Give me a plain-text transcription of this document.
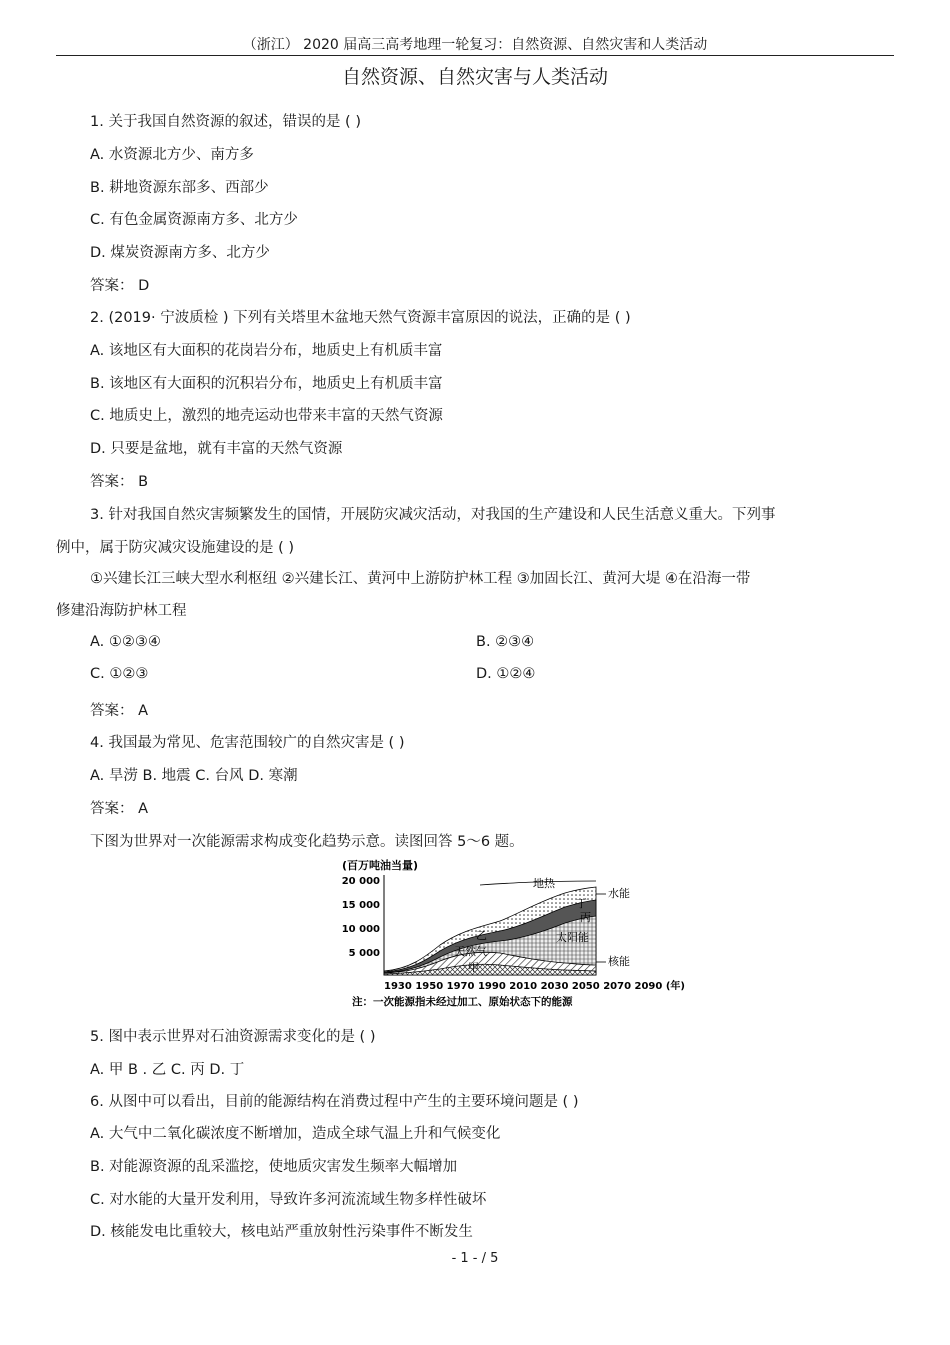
（浙江） 2020 届高三高考地理一轮复习：自然资源、自然灾害和人类活动
自然资源、自然灾害与人类活动
1. 关于我国自然资源的叙述，错误的是 ( )
A. 水资源北方少、南方多
B. 耕地资源东部多、西部少
C. 有色金属资源南方多、北方少
D. 煤炭资源南方多、北方少
答案： D
2. (2019· 宁波质检 ) 下列有关塔里木盆地天然气资源丰富原因的说法，正确的是 ( )
A. 该地区有大面积的花岗岩分布，地质史上有机质丰富
B. 该地区有大面积的沉积岩分布，地质史上有机质丰富
C. 地质史上，激烈的地壳运动也带来丰富的天然气资源
D. 只要是盆地，就有丰富的天然气资源
答案： B
3. 针对我国自然灾害频繁发生的国情，开展防灾减灾活动，对我国的生产建设和人民生活意义重大。下列事
例中，属于防灾减灾设施建设的是 ( )
①兴建长江三峡大型水利枢纽 ②兴建长江、黄河中上游防护林工程 ③加固长江、黄河大堤 ④在沿海一带
修建沿海防护林工程
A. ①②③④	B. ②③④
C. ①②③	D. ①②④
答案： A
4. 我国最为常见、危害范围较广的自然灾害是 ( )
A. 旱涝 B. 地震 C. 台风 D. 寒潮
答案： A
下图为世界对一次能源需求构成变化趋势示意。读图回答 5～6 题。
5. 图中表示世界对石油资源需求变化的是 ( )
A. 甲 B . 乙 C. 丙 D. 丁
6. 从图中可以看出，目前的能源结构在消费过程中产生的主要环境问题是 ( )
A. 大气中二氧化碳浓度不断增加，造成全球气温上升和气候变化
B. 对能源资源的乱采滥挖，使地质灾害发生频率大幅增加
C. 对水能的大量开发利用，导致许多河流流域生物多样性破坏
D. 核能发电比重较大，核电站严重放射性污染事件不断发生
(百万吨油当量)
20 000
15 000
10 000
5 000
地热
水能
丁
丙
太阳能
乙
天然气
甲	核能
1930 1950 1970 1990 2010 2030 2050 2070 2090 (年)
注：一次能源指未经过加工、原始状态下的能源
- 1 - / 5
